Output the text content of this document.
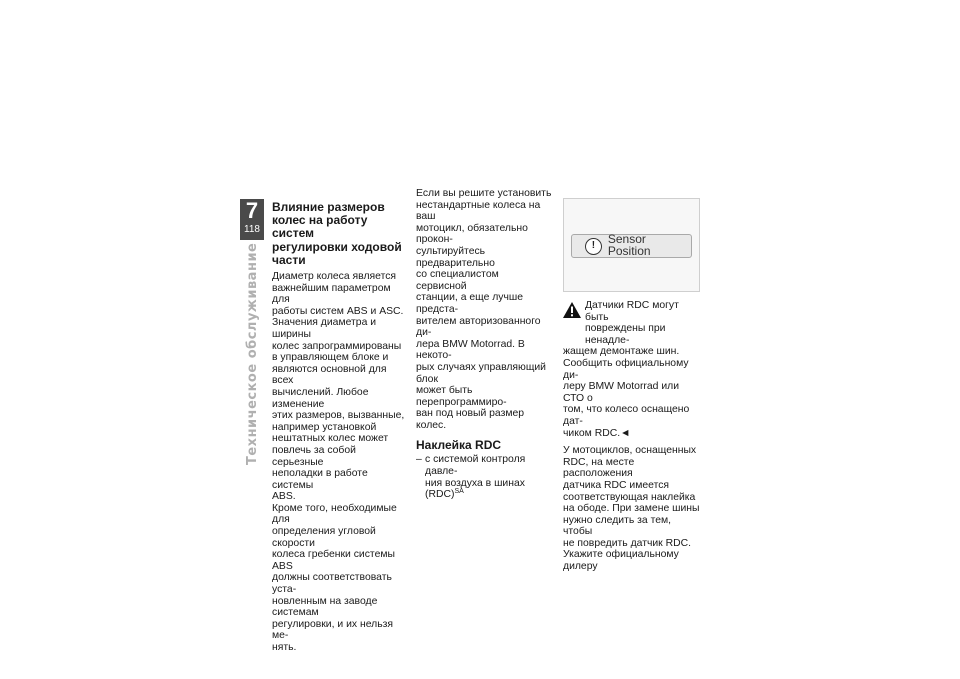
7
118
Техническое обслуживание
Влияние размеров
колес на работу систем
регулировки ходовой
части

Диаметр колеса является
важнейшим параметром для
работы систем ABS и ASC.
Значения диаметра и ширины
колес запрограммированы
в управляющем блоке и
являются основной для всех
вычислений. Любое изменение
этих размеров, вызванные,
например установкой
нештатных колес может
повлечь за собой серьезные
неполадки в работе системы
ABS.

Кроме того, необходимые для
определения угловой скорости
колеса гребенки системы ABS
должны соответствовать уста-
новленным на заводе системам
регулировки, и их нельзя ме-
нять.

Если вы решите установить
нестандартные колеса на ваш
мотоцикл, обязательно прокон-
сультируйтесь предварительно
со специалистом сервисной
станции, а еще лучше предста-
вителем авторизованного ди-
лера BMW Motorrad. В некото-
рых случаях управляющий блок
может быть перепрограммиро-
ван под новый размер колес.

Наклейка RDC
– с системой контроля давле-
ния воздуха в шинах (RDC)$^{SA}$
!	Sensor Position
Датчики RDC могут быть
повреждены при ненадле-

жащем демонтаже шин.
Сообщить официальному ди-
леру BMW Motorrad или СТО о
том, что колесо оснащено дат-
чиком RDC.◄

У мотоциклов, оснащенных
RDC, на месте расположения
датчика RDC имеется
соответствующая наклейка
на ободе. При замене шины
нужно следить за тем, чтобы
не повредить датчик RDC.
Укажите официальному дилеру
